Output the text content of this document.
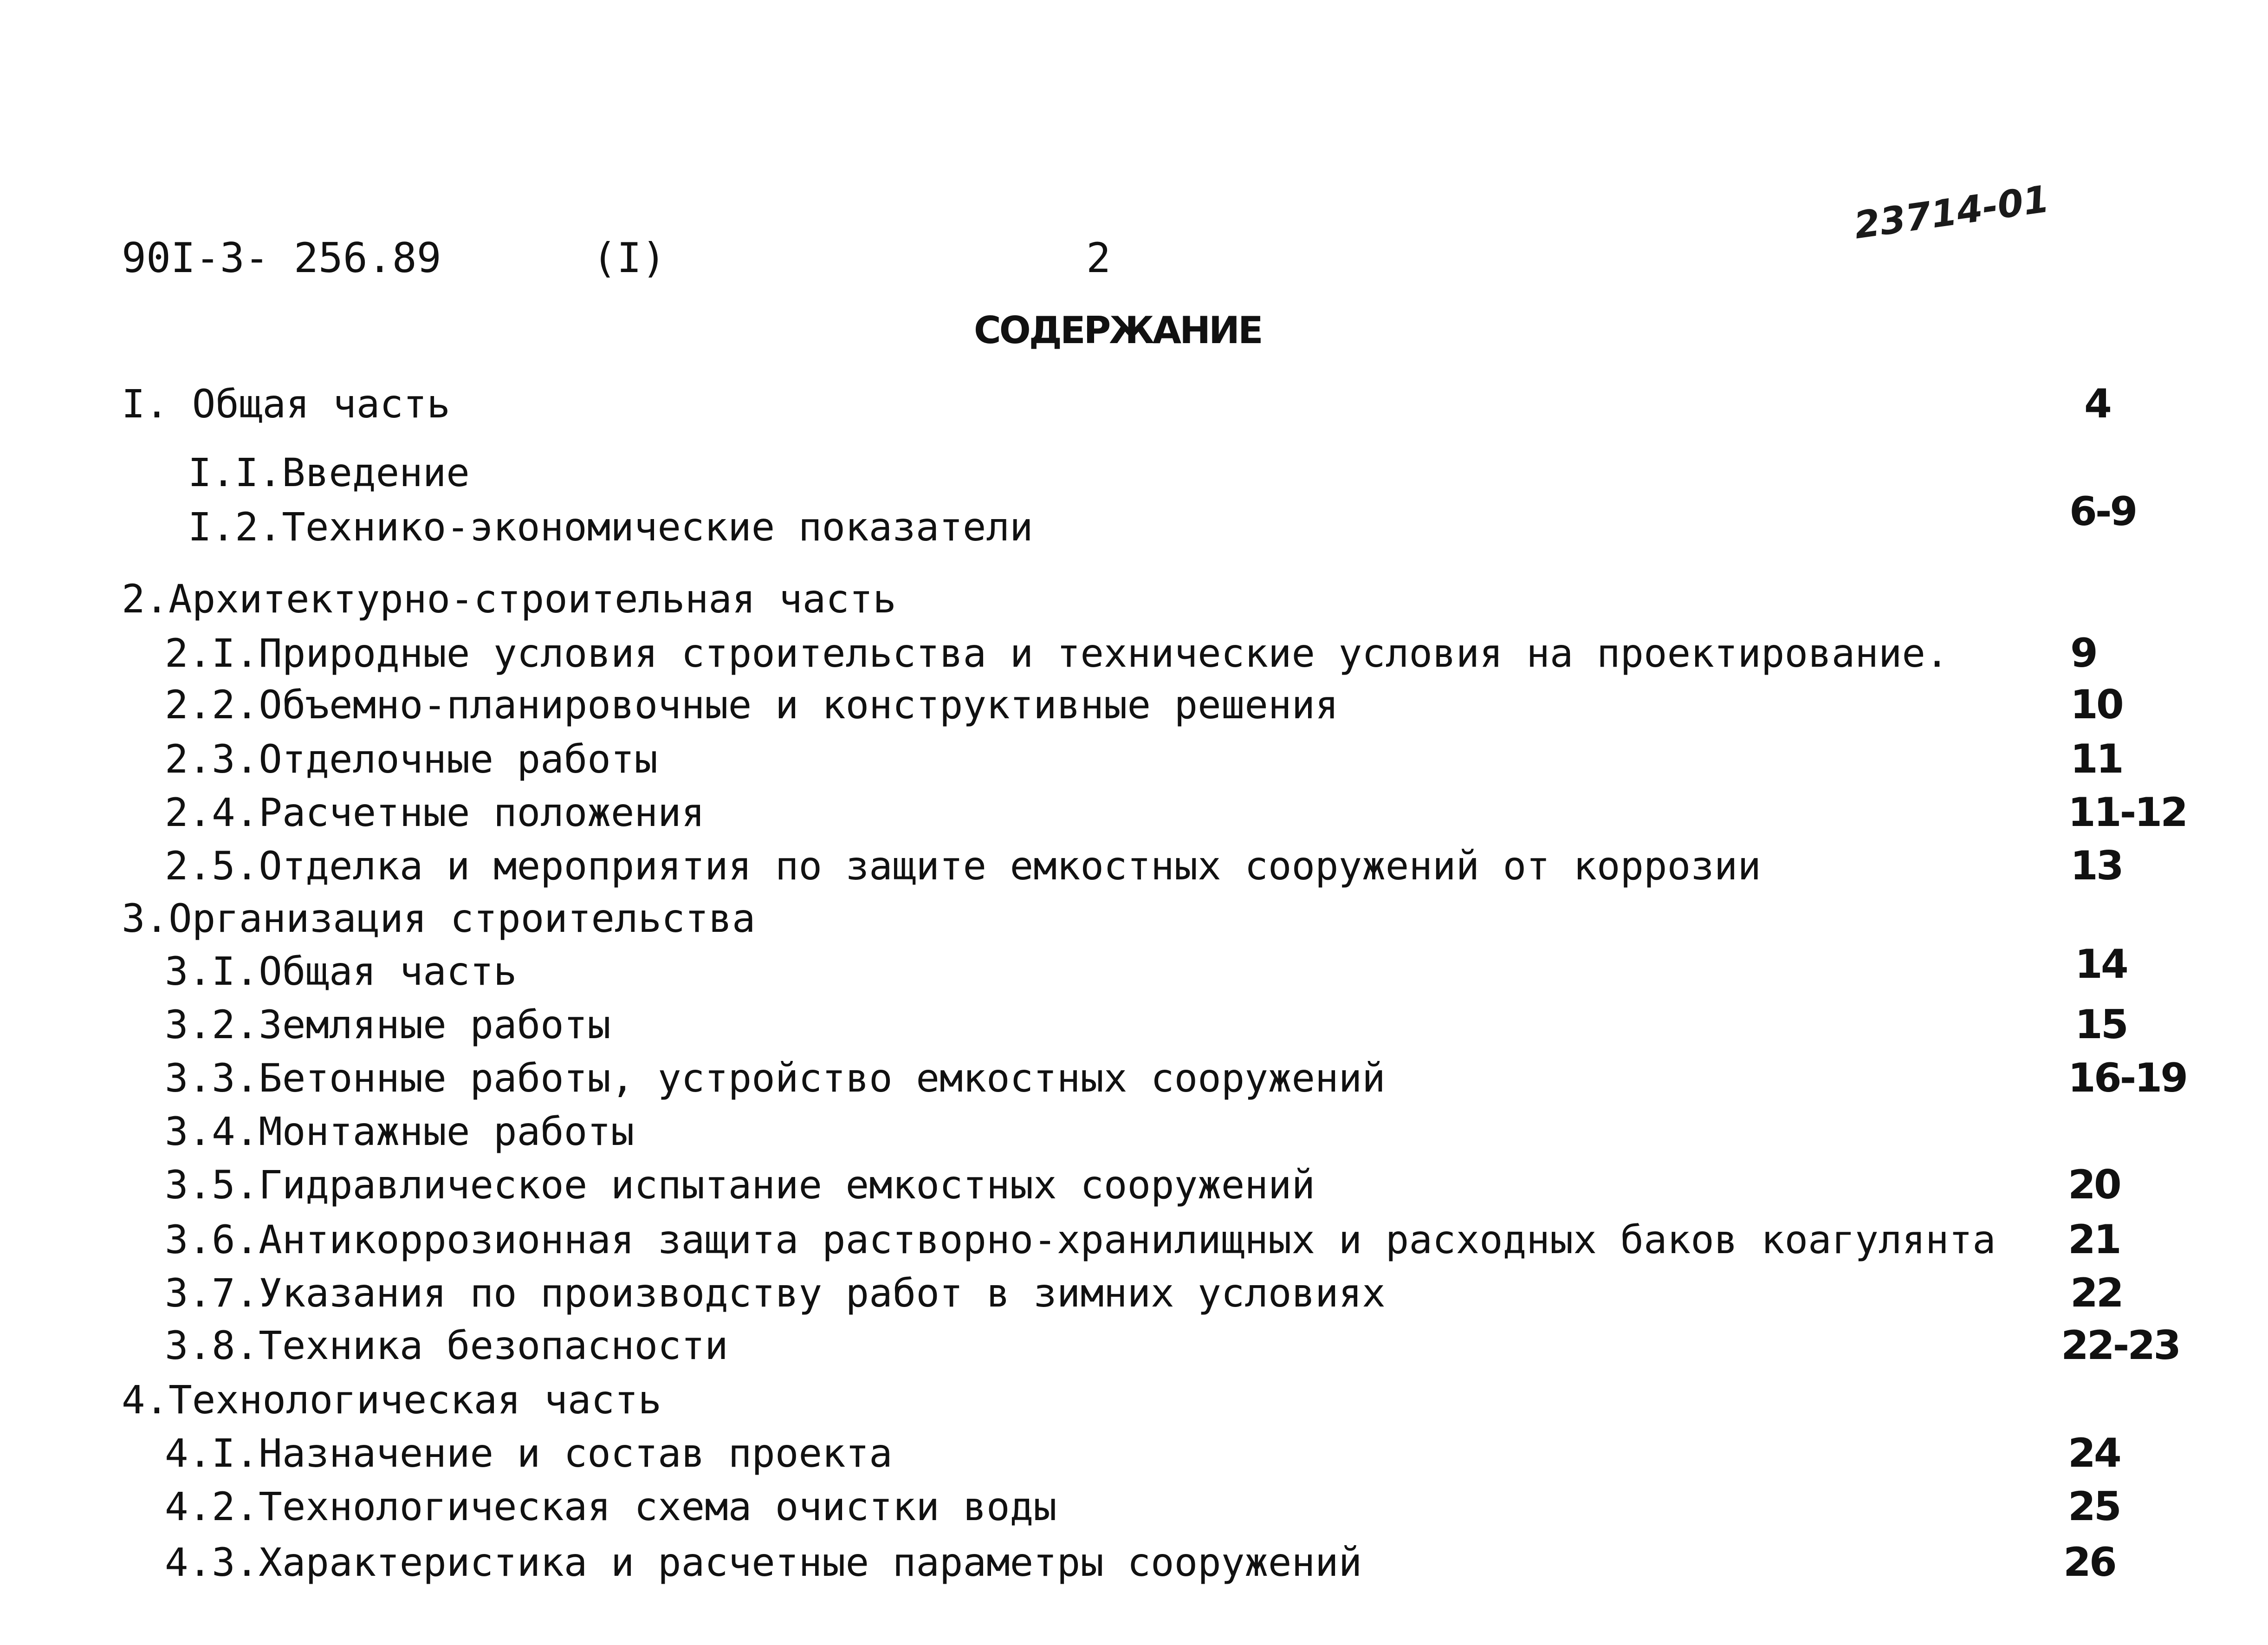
90I-3- 256.89	(I)	2
23714-01
СОДЕРЖАНИЕ
I. Общая часть	4
I.I.Введение
I.2.Технико-экономические показатели	6-9
2.Архитектурно-строительная часть
2.I.Природные условия строительства и технические условия на проектирование.	9
2.2.Объемно-планировочные и конструктивные решения	10
2.3.Отделочные работы	11
2.4.Расчетные положения	11-12
2.5.Отделка и мероприятия по защите емкостных сооружений от коррозии	13
3.Организация строительства
3.I.Общая часть	14
3.2.Земляные работы	15
3.3.Бетонные работы, устройство емкостных сооружений	16-19
3.4.Монтажные работы
3.5.Гидравлическое испытание емкостных сооружений	20
3.6.Антикоррозионная защита растворно-хранилищных и расходных баков коагулянта 21
3.7.Указания по производству работ в зимних условиях	22
3.8.Техника безопасности	22-23
4.Технологическая часть
4.I.Назначение и состав проекта	24
4.2.Технологическая схема очистки воды	25
4.3.Характеристика и расчетные параметры сооружений	26
